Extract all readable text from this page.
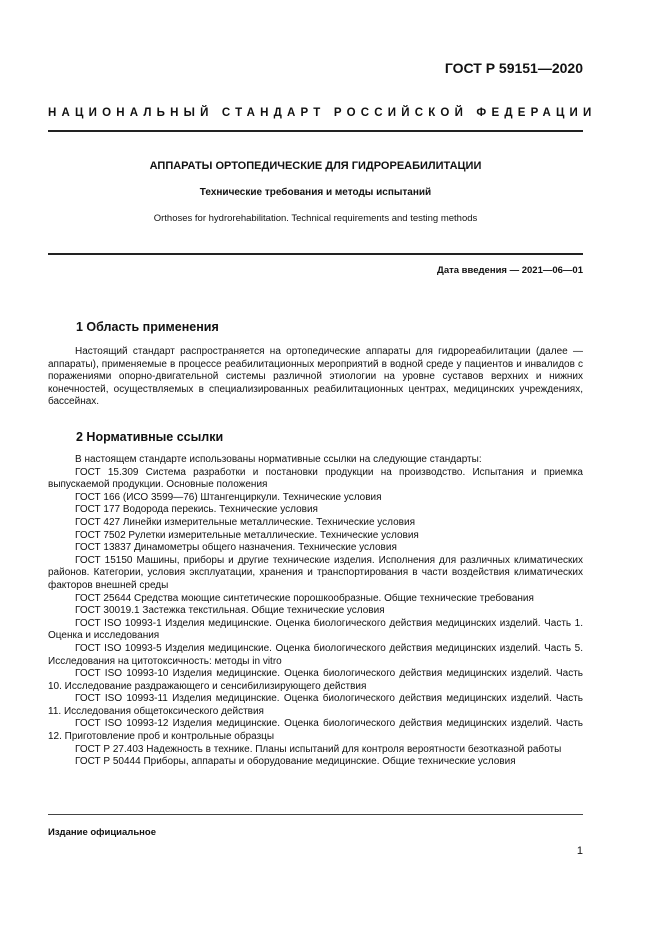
ГОСТ Р 59151—2020
НАЦИОНАЛЬНЫЙ СТАНДАРТ РОССИЙСКОЙ ФЕДЕРАЦИИ
АППАРАТЫ ОРТОПЕДИЧЕСКИЕ ДЛЯ ГИДРОРЕАБИЛИТАЦИИ
Технические требования и методы испытаний
Orthoses for hydrorehabilitation. Technical requirements and testing methods
Дата введения — 2021—06—01
1 Область применения

Настоящий стандарт распространяется на ортопедические аппараты для гидрореабилитации (далее — аппараты), применяемые в процессе реабилитационных мероприятий в водной среде у пациентов и инвалидов с поражениями опорно-двигательной системы различной этиологии на уровне суставов верхних и нижних конечностей, осуществляемых в специализированных реабилитационных центрах, медицинских учреждениях, бассейнах.

2 Нормативные ссылки

В настоящем стандарте использованы нормативные ссылки на следующие стандарты:

ГОСТ 15.309 Система разработки и постановки продукции на производство. Испытания и приемка выпускаемой продукции. Основные положения

ГОСТ 166 (ИСО 3599—76) Штангенциркули. Технические условия

ГОСТ 177 Водорода перекись. Технические условия

ГОСТ 427 Линейки измерительные металлические. Технические условия

ГОСТ 7502 Рулетки измерительные металлические. Технические условия

ГОСТ 13837 Динамометры общего назначения. Технические условия

ГОСТ 15150 Машины, приборы и другие технические изделия. Исполнения для различных климатических районов. Категории, условия эксплуатации, хранения и транспортирования в части воздействия климатических факторов внешней среды

ГОСТ 25644 Средства моющие синтетические порошкообразные. Общие технические требования

ГОСТ 30019.1 Застежка текстильная. Общие технические условия

ГОСТ ISO 10993-1 Изделия медицинские. Оценка биологического действия медицинских изделий. Часть 1. Оценка и исследования

ГОСТ ISO 10993-5 Изделия медицинские. Оценка биологического действия медицинских изделий. Часть 5. Исследования на цитотоксичность: методы in vitro

ГОСТ ISO 10993-10 Изделия медицинские. Оценка биологического действия медицинских изделий. Часть 10. Исследование раздражающего и сенсибилизирующего действия

ГОСТ ISO 10993-11 Изделия медицинские. Оценка биологического действия медицинских изделий. Часть 11. Исследования общетоксического действия

ГОСТ ISO 10993-12 Изделия медицинские. Оценка биологического действия медицинских изделий. Часть 12. Приготовление проб и контрольные образцы

ГОСТ Р 27.403 Надежность в технике. Планы испытаний для контроля вероятности безотказной работы

ГОСТ Р 50444 Приборы, аппараты и оборудование медицинские. Общие технические условия

Издание официальное
1
